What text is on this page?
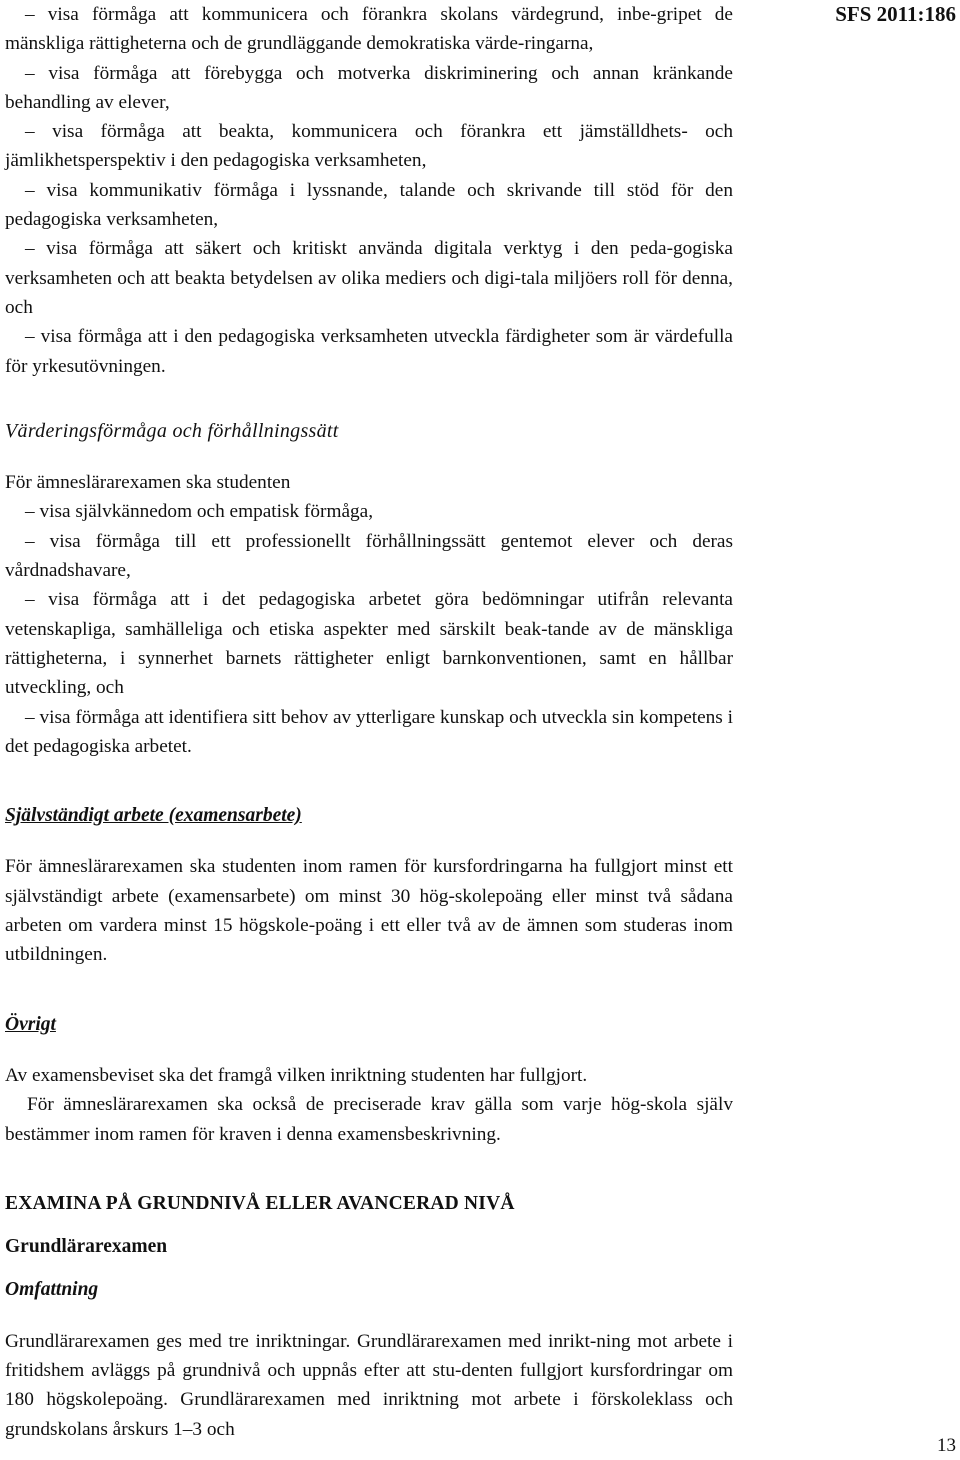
SFS 2011:186

– visa förmåga att kommunicera och förankra skolans värdegrund, inbe-gripet de mänskliga rättigheterna och de grundläggande demokratiska värde-ringarna,

– visa förmåga att förebygga och motverka diskriminering och annan kränkande behandling av elever,

– visa förmåga att beakta, kommunicera och förankra ett jämställdhets- och jämlikhetsperspektiv i den pedagogiska verksamheten,

– visa kommunikativ förmåga i lyssnande, talande och skrivande till stöd för den pedagogiska verksamheten,

– visa förmåga att säkert och kritiskt använda digitala verktyg i den peda-gogiska verksamheten och att beakta betydelsen av olika mediers och digi-tala miljöers roll för denna, och

– visa förmåga att i den pedagogiska verksamheten utveckla färdigheter som är värdefulla för yrkesutövningen.

Värderingsförmåga och förhållningssätt

För ämneslärarexamen ska studenten

– visa självkännedom och empatisk förmåga,

– visa förmåga till ett professionellt förhållningssätt gentemot elever och deras vårdnadshavare,

– visa förmåga att i det pedagogiska arbetet göra bedömningar utifrån relevanta vetenskapliga, samhälleliga och etiska aspekter med särskilt beak-tande av de mänskliga rättigheterna, i synnerhet barnets rättigheter enligt barnkonventionen, samt en hållbar utveckling, och

– visa förmåga att identifiera sitt behov av ytterligare kunskap och utveckla sin kompetens i det pedagogiska arbetet.

Självständigt arbete (examensarbete)

För ämneslärarexamen ska studenten inom ramen för kursfordringarna ha fullgjort minst ett självständigt arbete (examensarbete) om minst 30 hög-skolepoäng eller minst två sådana arbeten om vardera minst 15 högskole-poäng i ett eller två av de ämnen som studeras inom utbildningen.

Övrigt

Av examensbeviset ska det framgå vilken inriktning studenten har fullgjort.

För ämneslärarexamen ska också de preciserade krav gälla som varje hög-skola själv bestämmer inom ramen för kraven i denna examensbeskrivning.

EXAMINA PÅ GRUNDNIVÅ ELLER AVANCERAD NIVÅ

Grundlärarexamen

Omfattning

Grundlärarexamen ges med tre inriktningar. Grundlärarexamen med inrikt-ning mot arbete i fritidshem avläggs på grundnivå och uppnås efter att stu-denten fullgjort kursfordringar om 180 högskolepoäng. Grundlärarexamen med inriktning mot arbete i förskoleklass och grundskolans årskurs 1–3 och

13
